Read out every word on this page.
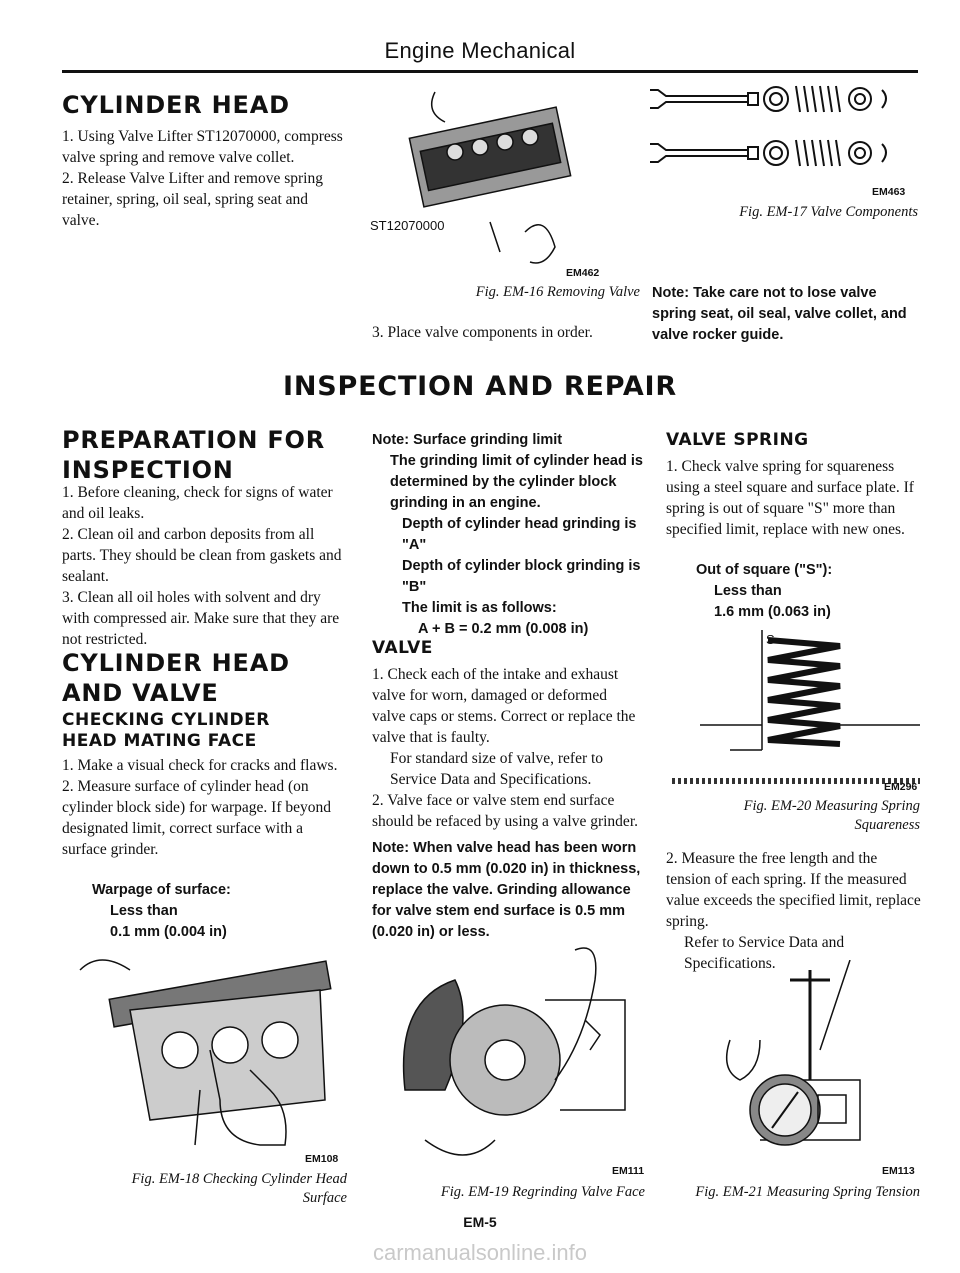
Engine Mechanical
CYLINDER HEAD

1. Using Valve Lifter ST12070000, compress valve spring and remove valve collet.

2. Release Valve Lifter and remove spring retainer, spring, oil seal, spring seat and valve.	ST12070000
EM462
Fig. EM-16 Removing Valve
3. Place valve components in order.
EM463
Fig. EM-17 Valve Components
Note: Take care not to lose valve spring seat, oil seal, valve collet, and valve rocker guide.
INSPECTION AND REPAIR
PREPARATION FOR
INSPECTION

1. Before cleaning, check for signs of water and oil leaks.

2. Clean oil and carbon deposits from all parts. They should be clean from gaskets and sealant.

3. Clean all oil holes with solvent and dry with compressed air. Make sure that they are not restricted.

CYLINDER HEAD
AND VALVE
CHECKING CYLINDER
HEAD MATING FACE

1. Make a visual check for cracks and flaws.

2. Measure surface of cylinder head (on cylinder block side) for warpage. If beyond designated limit, correct surface with a surface grinder.

Warpage of surface:
Less than
0.1 mm (0.004 in)
EM108
Fig. EM-18 Checking Cylinder Head
Surface
Note: Surface grinding limit
The grinding limit of cylinder head is determined by the cylinder block grinding in an engine.
Depth of cylinder head grinding is "A"
Depth of cylinder block grinding is "B"
The limit is as follows:
A + B = 0.2 mm (0.008 in)
VALVE

1. Check each of the intake and exhaust valve for worn, damaged or deformed valve caps or stems. Correct or replace the valve that is faulty.

For standard size of valve, refer to Service Data and Specifications.

2. Valve face or valve stem end surface should be refaced by using a valve grinder.

Note: When valve head has been worn down to 0.5 mm (0.020 in) in thickness, replace the valve. Grinding allowance for valve stem end surface is 0.5 mm (0.020 in) or less.
EM111
Fig. EM-19 Regrinding Valve Face
EM-5
VALVE SPRING
1. Check valve spring for squareness using a steel square and surface plate. If spring is out of square "S" more than specified limit, replace with new ones.
Out of square ("S"):
Less than
1.6 mm (0.063 in)
S
EM296
Fig. EM-20 Measuring Spring
Squareness

2. Measure the free length and the tension of each spring. If the measured value exceeds the specified limit, replace spring.

Refer to Service Data and Specifications.

EM113
Fig. EM-21 Measuring Spring Tension
carmanualsonline.info
